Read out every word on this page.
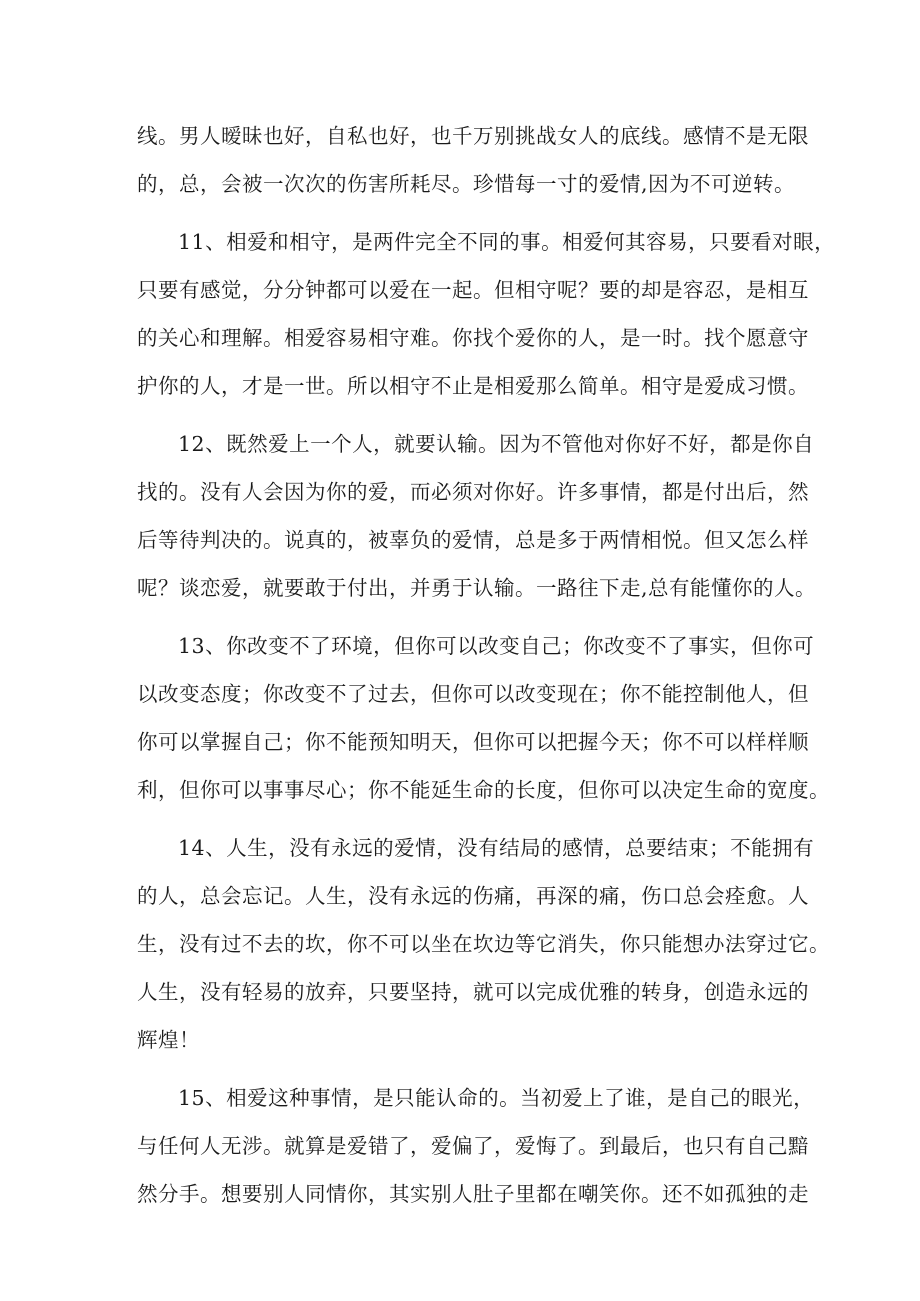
线。男人暧昧也好，自私也好，也千万别挑战女人的底线。感情不是无限
的，总，会被一次次的伤害所耗尽。珍惜每一寸的爱情,因为不可逆转。
11、相爱和相守，是两件完全不同的事。相爱何其容易，只要看对眼，
只要有感觉，分分钟都可以爱在一起。但相守呢？要的却是容忍，是相互
的关心和理解。相爱容易相守难。你找个爱你的人，是一时。找个愿意守
护你的人，才是一世。所以相守不止是相爱那么简单。相守是爱成习惯。
12、既然爱上一个人，就要认输。因为不管他对你好不好，都是你自
找的。没有人会因为你的爱，而必须对你好。许多事情，都是付出后，然
后等待判决的。说真的，被辜负的爱情，总是多于两情相悦。但又怎么样
呢？谈恋爱，就要敢于付出，并勇于认输。一路往下走,总有能懂你的人。
13、你改变不了环境，但你可以改变自己；你改变不了事实，但你可
以改变态度；你改变不了过去，但你可以改变现在；你不能控制他人，但
你可以掌握自己；你不能预知明天，但你可以把握今天；你不可以样样顺
利，但你可以事事尽心；你不能延生命的长度，但你可以决定生命的宽度。
14、人生，没有永远的爱情，没有结局的感情，总要结束；不能拥有
的人，总会忘记。人生，没有永远的伤痛，再深的痛，伤口总会痊愈。人
生，没有过不去的坎，你不可以坐在坎边等它消失，你只能想办法穿过它。
人生，没有轻易的放弃，只要坚持，就可以完成优雅的转身，创造永远的
辉煌！
15、相爱这种事情，是只能认命的。当初爱上了谁，是自己的眼光，
与任何人无涉。就算是爱错了，爱偏了，爱悔了。到最后，也只有自己黯
然分手。想要别人同情你，其实别人肚子里都在嘲笑你。还不如孤独的走
